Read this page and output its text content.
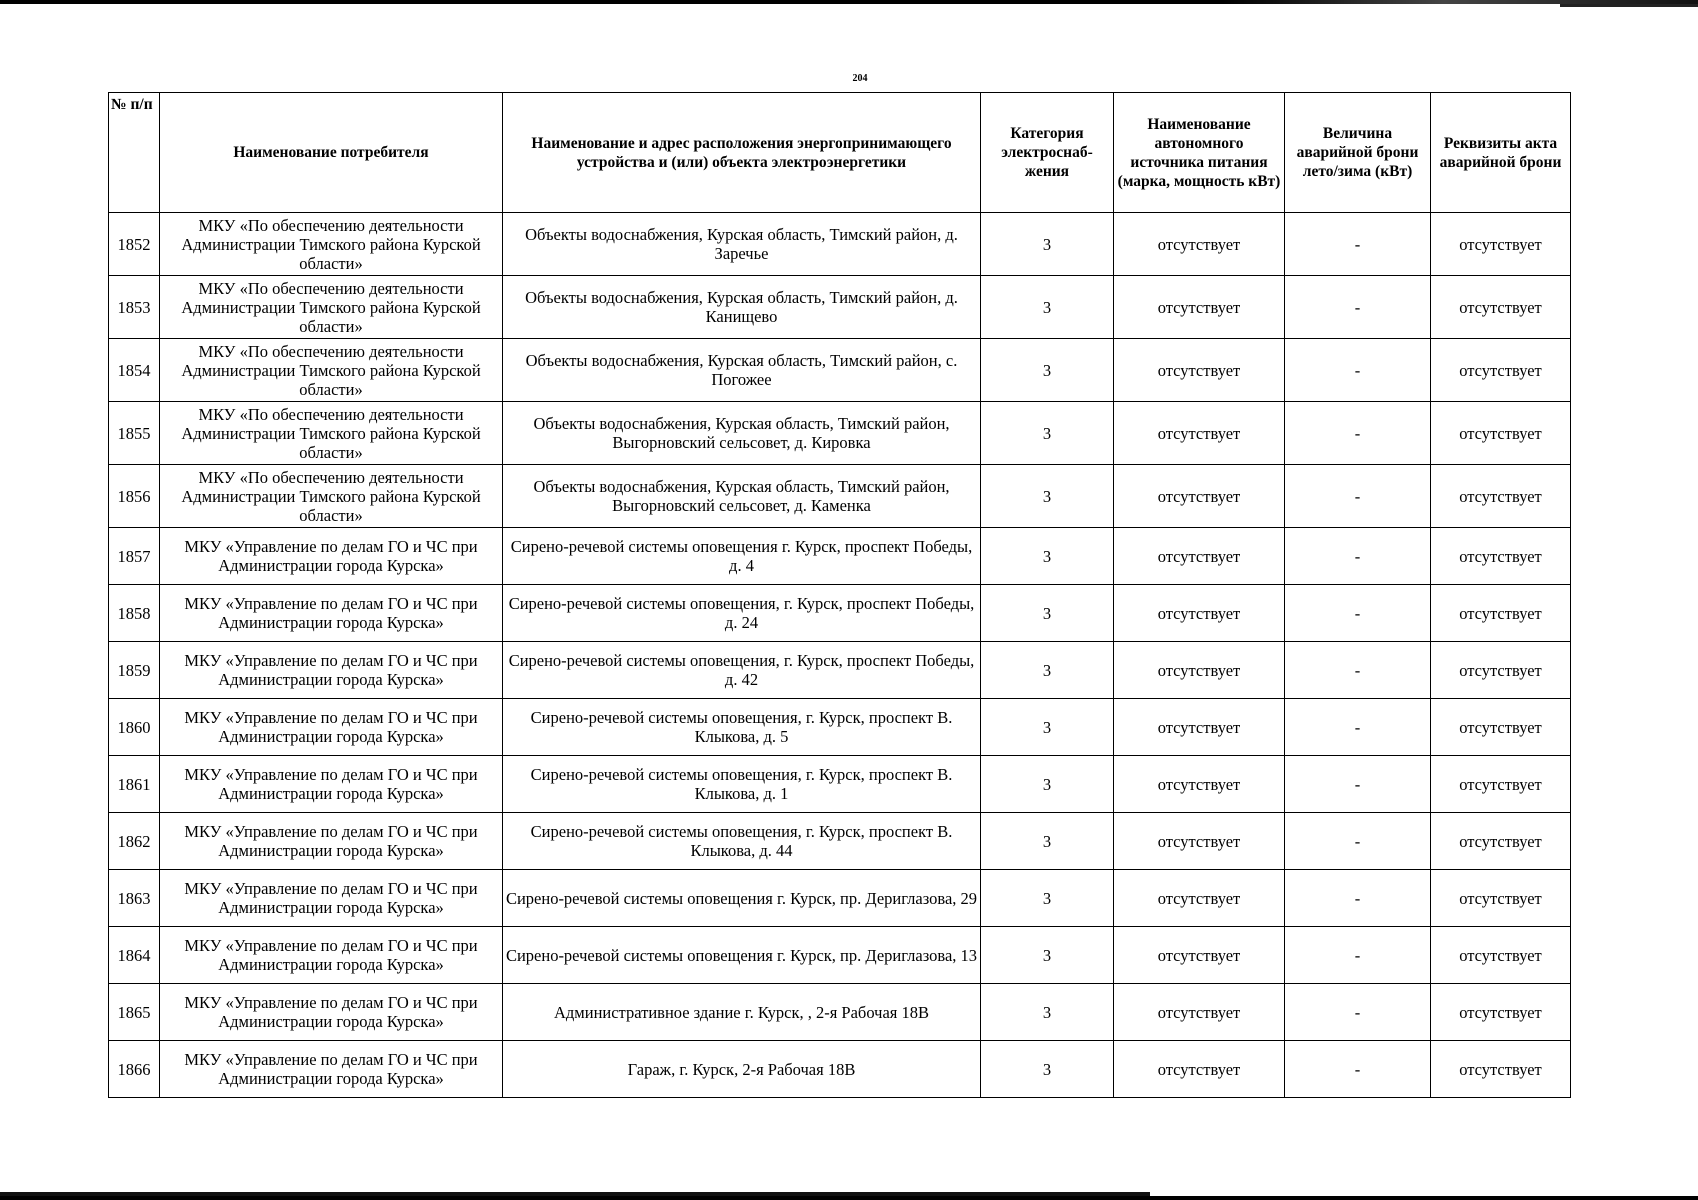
204
№ п/п	Наименование потребителя	Наименование и адрес расположения энергопринимающего устройства и (или) объекта электроэнергетики	Категория электроснаб-жения	Наименование автономного источника питания (марка, мощность кВт)	Величина аварийной брони лето/зима (кВт)	Реквизиты акта аварийной брони
1852	МКУ «По обеспечению деятельности Администрации Тимского района Курской области»	Объекты водоснабжения, Курская область, Тимский район, д. Заречье	3	отсутствует	-	отсутствует
1853	МКУ «По обеспечению деятельности Администрации Тимского района Курской области»	Объекты водоснабжения, Курская область, Тимский район, д. Канищево	3	отсутствует	-	отсутствует
1854	МКУ «По обеспечению деятельности Администрации Тимского района Курской области»	Объекты водоснабжения, Курская область, Тимский район, с. Погожее	3	отсутствует	-	отсутствует
1855	МКУ «По обеспечению деятельности Администрации Тимского района Курской области»	Объекты водоснабжения, Курская область, Тимский район, Выгорновский сельсовет, д. Кировка	3	отсутствует	-	отсутствует
1856	МКУ «По обеспечению деятельности Администрации Тимского района Курской области»	Объекты водоснабжения, Курская область, Тимский район, Выгорновский сельсовет, д. Каменка	3	отсутствует	-	отсутствует
1857	МКУ «Управление по делам ГО и ЧС при Администрации города Курска»	Сирено-речевой системы оповещения г. Курск, проспект Победы, д. 4	3	отсутствует	-	отсутствует
1858	МКУ «Управление по делам ГО и ЧС при Администрации города Курска»	Сирено-речевой системы оповещения, г. Курск, проспект Победы, д. 24	3	отсутствует	-	отсутствует
1859	МКУ «Управление по делам ГО и ЧС при Администрации города Курска»	Сирено-речевой системы оповещения, г. Курск, проспект Победы, д. 42	3	отсутствует	-	отсутствует
1860	МКУ «Управление по делам ГО и ЧС при Администрации города Курска»	Сирено-речевой системы оповещения, г. Курск, проспект В. Клыкова, д. 5	3	отсутствует	-	отсутствует
1861	МКУ «Управление по делам ГО и ЧС при Администрации города Курска»	Сирено-речевой системы оповещения, г. Курск, проспект В. Клыкова, д. 1	3	отсутствует	-	отсутствует
1862	МКУ «Управление по делам ГО и ЧС при Администрации города Курска»	Сирено-речевой системы оповещения, г. Курск, проспект В. Клыкова, д. 44	3	отсутствует	-	отсутствует
1863	МКУ «Управление по делам ГО и ЧС при Администрации города Курска»	Сирено-речевой системы оповещения г. Курск, пр. Дериглазова, 29	3	отсутствует	-	отсутствует
1864	МКУ «Управление по делам ГО и ЧС при Администрации города Курска»	Сирено-речевой системы оповещения г. Курск, пр. Дериглазова, 13	3	отсутствует	-	отсутствует
1865	МКУ «Управление по делам ГО и ЧС при Администрации города Курска»	Административное здание г. Курск, , 2-я Рабочая 18В	3	отсутствует	-	отсутствует
1866	МКУ «Управление по делам ГО и ЧС при Администрации города Курска»	Гараж, г. Курск, 2-я Рабочая 18В	3	отсутствует	-	отсутствует
